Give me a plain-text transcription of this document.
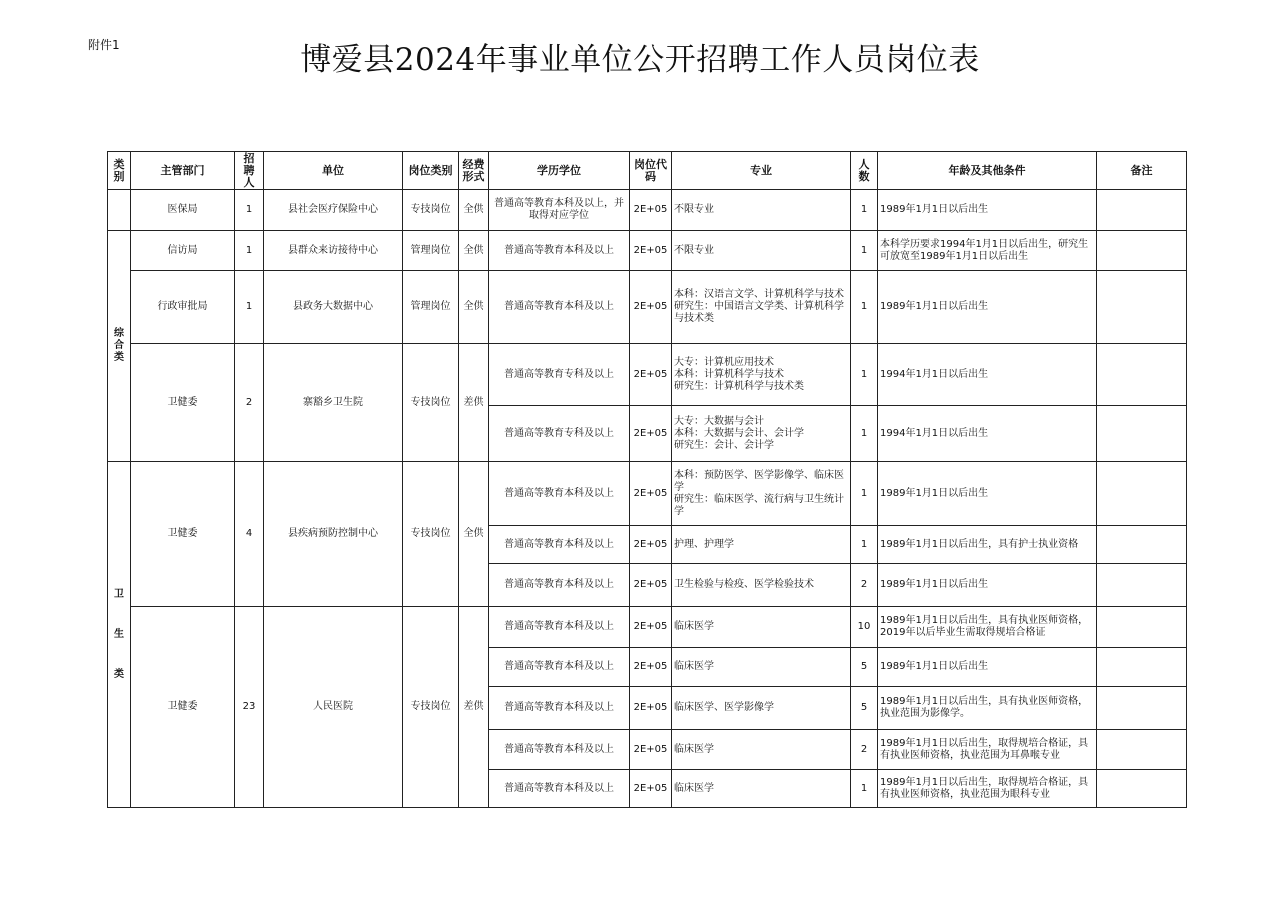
附件1	博爱县2024年事业单位公开招聘工作人员岗位表
类别	主管部门	招聘人	单位	岗位类别	经费形式	学历学位	岗位代码	专业	人数	年龄及其他条件	备注
	医保局	1	县社会医疗保险中心	专技岗位	全供	普通高等教育本科及以上，并取得对应学位	2E+05	不限专业	1	1989年1月1日以后出生	
综合类	信访局	1	县群众来访接待中心	管理岗位	全供	普通高等教育本科及以上	2E+05	不限专业	1	本科学历要求1994年1月1日以后出生，研究生可放宽至1989年1月1日以后出生	
	行政审批局	1	县政务大数据中心	管理岗位	全供	普通高等教育本科及以上	2E+05	本科：汉语言文学、计算机科学与技术
研究生：中国语言文学类、计算机科学与技术类	1	1989年1月1日以后出生	
	卫健委	2	寨豁乡卫生院	专技岗位	差供	普通高等教育专科及以上	2E+05	大专：计算机应用技术
本科：计算机科学与技术
研究生：计算机科学与技术类	1	1994年1月1日以后出生	
						普通高等教育专科及以上	2E+05	大专：大数据与会计
本科：大数据与会计、会计学
研究生：会计、会计学	1	1994年1月1日以后出生	
卫生类	卫健委	4	县疾病预防控制中心	专技岗位	全供	普通高等教育本科及以上	2E+05	本科：预防医学、医学影像学、临床医学
研究生：临床医学、流行病与卫生统计学	1	1989年1月1日以后出生	
						普通高等教育本科及以上	2E+05	护理、护理学	1	1989年1月1日以后出生，具有护士执业资格	
						普通高等教育本科及以上	2E+05	卫生检验与检疫、医学检验技术	2	1989年1月1日以后出生	
	卫健委	23	人民医院	专技岗位	差供	普通高等教育本科及以上	2E+05	临床医学	10	1989年1月1日以后出生，具有执业医师资格，2019年以后毕业生需取得规培合格证	
						普通高等教育本科及以上	2E+05	临床医学	5	1989年1月1日以后出生	
						普通高等教育本科及以上	2E+05	临床医学、医学影像学	5	1989年1月1日以后出生，具有执业医师资格，执业范围为影像学。	
						普通高等教育本科及以上	2E+05	临床医学	2	1989年1月1日以后出生，取得规培合格证，具有执业医师资格，执业范围为耳鼻喉专业	
						普通高等教育本科及以上	2E+05	临床医学	1	1989年1月1日以后出生，取得规培合格证，具有执业医师资格，执业范围为眼科专业	
